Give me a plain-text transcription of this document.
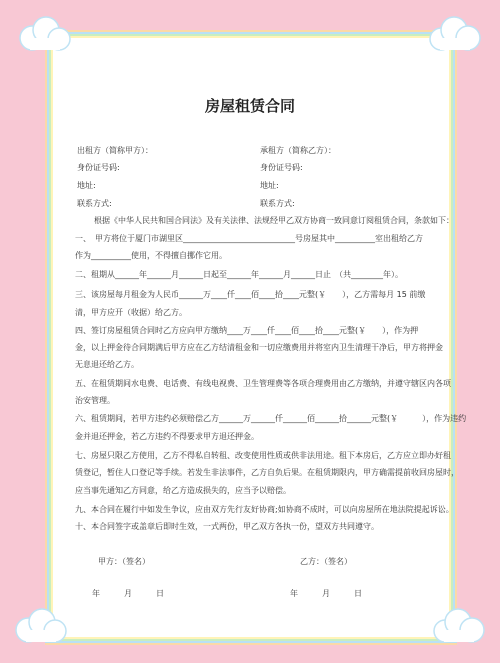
房屋租赁合同
出租方（简称甲方）：	承租方（简称乙方）：
身份证号码:	身份证号码:
地址:	地址:
联系方式:	联系方式:
根据《中华人民共和国合同法》及有关法律、法规经甲乙双方协商一致同意订阅租赁合同，条款如下：
一、　甲方将位于厦门市湖里区____________________________号房屋其中__________室出租给乙方
作为__________使用，不得擅自挪作它用。
二、租期从______年______月______日起至______年______月______日止　（共________年）。
三、该房屋每月租金为人民币______万____仟____佰____拾____元整(￥　　），乙方需每月 15 前缴
清，甲方应开（收据）给乙方。
四、签订房屋租赁合同时乙方应向甲方缴纳____万____仟____佰____拾____元整(￥　　），作为押
金，以上押金待合同期满后甲方应在乙方结清租金和一切应缴费用并将室内卫生清理干净后，甲方将押金
无息退还给乙方。
五、在租赁期间水电费、电话费、有线电视费、卫生管理费等各项合理费用由乙方缴纳，并遵守辖区内各项
治安管理。
六、租赁期间，若甲方违约必须赔偿乙方______万______仟______佰______拾______元整(￥　　　），作为违约
金并退还押金，若乙方违约不得要求甲方退还押金。
七、房屋只限乙方使用，乙方不得私自转租、改变使用性质或供非法用途。租下本房后，乙方应立即办好租
赁登记，暂住人口登记等手续。若发生非法事件，乙方自负后果。在租赁期限内，甲方确需提前收回房屋时，
应当事先通知乙方同意，给乙方造成损失的，应当予以赔偿。
九、本合同在履行中如发生争议，应由双方先行友好协商;如协商不成时，可以向房屋所在地法院提起诉讼。
十、本合同签字或盖章后即时生效，一式两份，甲乙双方各执一份，望双方共同遵守。
甲方：（签名）	乙方：（签名）
年　　　月　　　日	年　　　月　　　日
